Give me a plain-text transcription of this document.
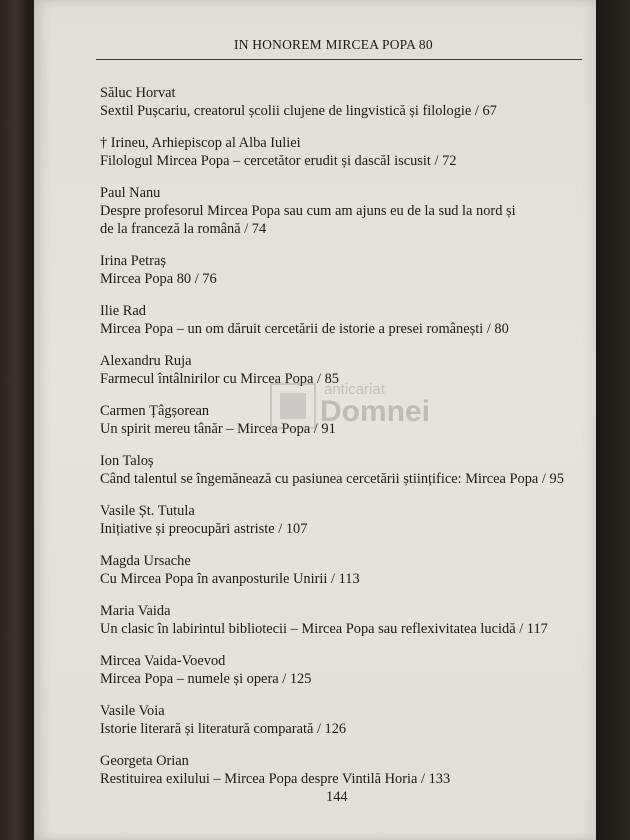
IN HONOREM MIRCEA POPA 80
Săluc Horvat
Sextil Pușcariu, creatorul școlii clujene de lingvistică și filologie / 67
† Irineu, Arhiepiscop al Alba Iuliei
Filologul Mircea Popa – cercetător erudit și dascăl iscusit / 72
Paul Nanu
Despre profesorul Mircea Popa sau cum am ajuns eu de la sud la nord și
de la franceză la română / 74
Irina Petraș
Mircea Popa 80 / 76
Ilie Rad
Mircea Popa – un om dăruit cercetării de istorie a presei românești / 80
Alexandru Ruja
Farmecul întâlnirilor cu Mircea Popa / 85
Carmen Țâgșorean
Un spirit mereu tânăr – Mircea Popa / 91
Ion Taloș
Când talentul se îngemănează cu pasiunea cercetării științifice: Mircea Popa / 95
Vasile Șt. Tutula
Inițiative și preocupări astriste / 107
Magda Ursache
Cu Mircea Popa în avanposturile Unirii / 113
Maria Vaida
Un clasic în labirintul bibliotecii – Mircea Popa sau reflexivitatea lucidă / 117
Mircea Vaida-Voevod
Mircea Popa – numele și opera / 125
Vasile Voia
Istorie literară și literatură comparată / 126
Georgeta Orian
Restituirea exilului – Mircea Popa despre Vintilă Horia / 133
anticariat
Domnei
144
